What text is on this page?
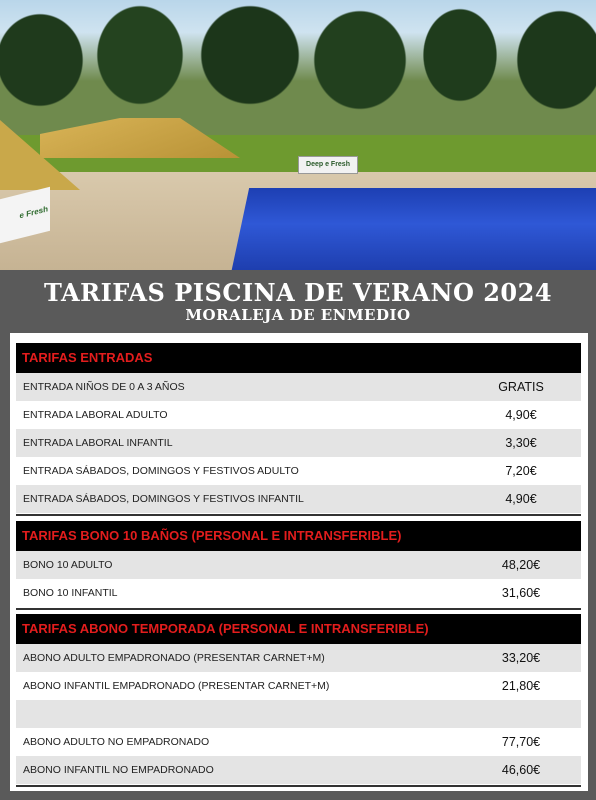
Deep e Fresh
e Fresh
TARIFAS PISCINA DE VERANO 2024
MORALEJA DE ENMEDIO
TARIFAS ENTRADAS
ENTRADA NIÑOS DE 0 A 3 AÑOS	GRATIS
ENTRADA LABORAL ADULTO	4,90€
ENTRADA LABORAL INFANTIL	3,30€
ENTRADA SÁBADOS, DOMINGOS Y FESTIVOS ADULTO	7,20€
ENTRADA SÁBADOS, DOMINGOS Y FESTIVOS INFANTIL	4,90€
TARIFAS BONO 10 BAÑOS (PERSONAL E INTRANSFERIBLE)
BONO 10 ADULTO	48,20€
BONO 10 INFANTIL	31,60€
TARIFAS ABONO TEMPORADA (PERSONAL E INTRANSFERIBLE)
ABONO ADULTO EMPADRONADO (PRESENTAR CARNET+M)	33,20€
ABONO INFANTIL EMPADRONADO (PRESENTAR CARNET+M)	21,80€
ABONO ADULTO NO EMPADRONADO	77,70€
ABONO INFANTIL NO EMPADRONADO	46,60€
